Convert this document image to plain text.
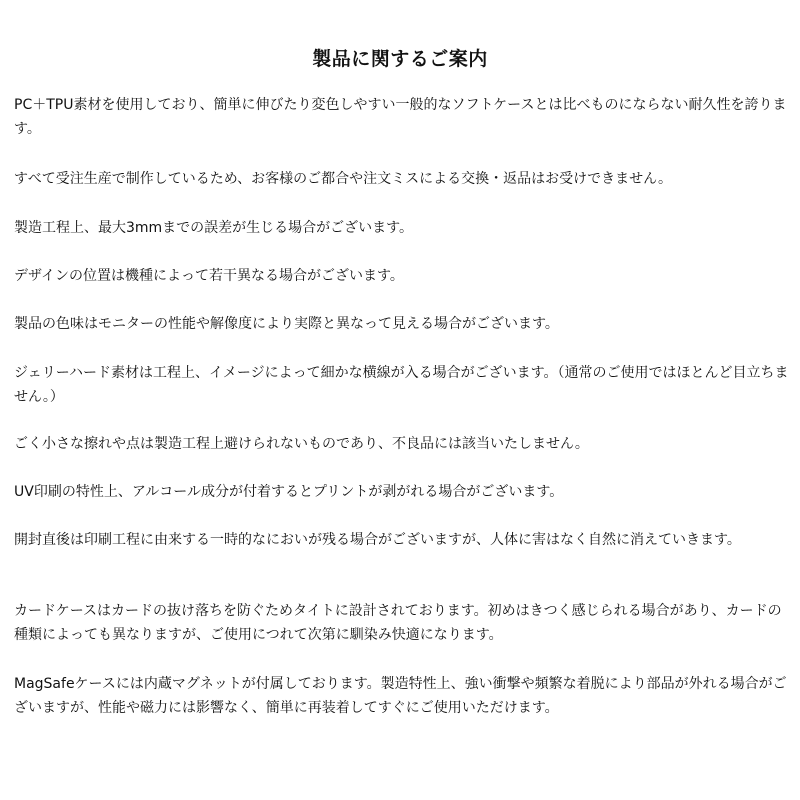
製品に関するご案内
PC＋TPU素材を使用しており、簡単に伸びたり変色しやすい一般的なソフトケースとは比べものにならない耐久性を誇ります。
すべて受注生産で制作しているため、お客様のご都合や注文ミスによる交換・返品はお受けできません。
製造工程上、最大3mmまでの誤差が生じる場合がございます。
デザインの位置は機種によって若干異なる場合がございます。
製品の色味はモニターの性能や解像度により実際と異なって見える場合がございます。
ジェリーハード素材は工程上、イメージによって細かな横線が入る場合がございます。（通常のご使用ではほとんど目立ちません。）
ごく小さな擦れや点は製造工程上避けられないものであり、不良品には該当いたしません。
UV印刷の特性上、アルコール成分が付着するとプリントが剥がれる場合がございます。
開封直後は印刷工程に由来する一時的なにおいが残る場合がございますが、人体に害はなく自然に消えていきます。
カードケースはカードの抜け落ちを防ぐためタイトに設計されております。初めはきつく感じられる場合があり、カードの種類によっても異なりますが、ご使用につれて次第に馴染み快適になります。
MagSafeケースには内蔵マグネットが付属しております。製造特性上、強い衝撃や頻繁な着脱により部品が外れる場合がございますが、性能や磁力には影響なく、簡単に再装着してすぐにご使用いただけます。
